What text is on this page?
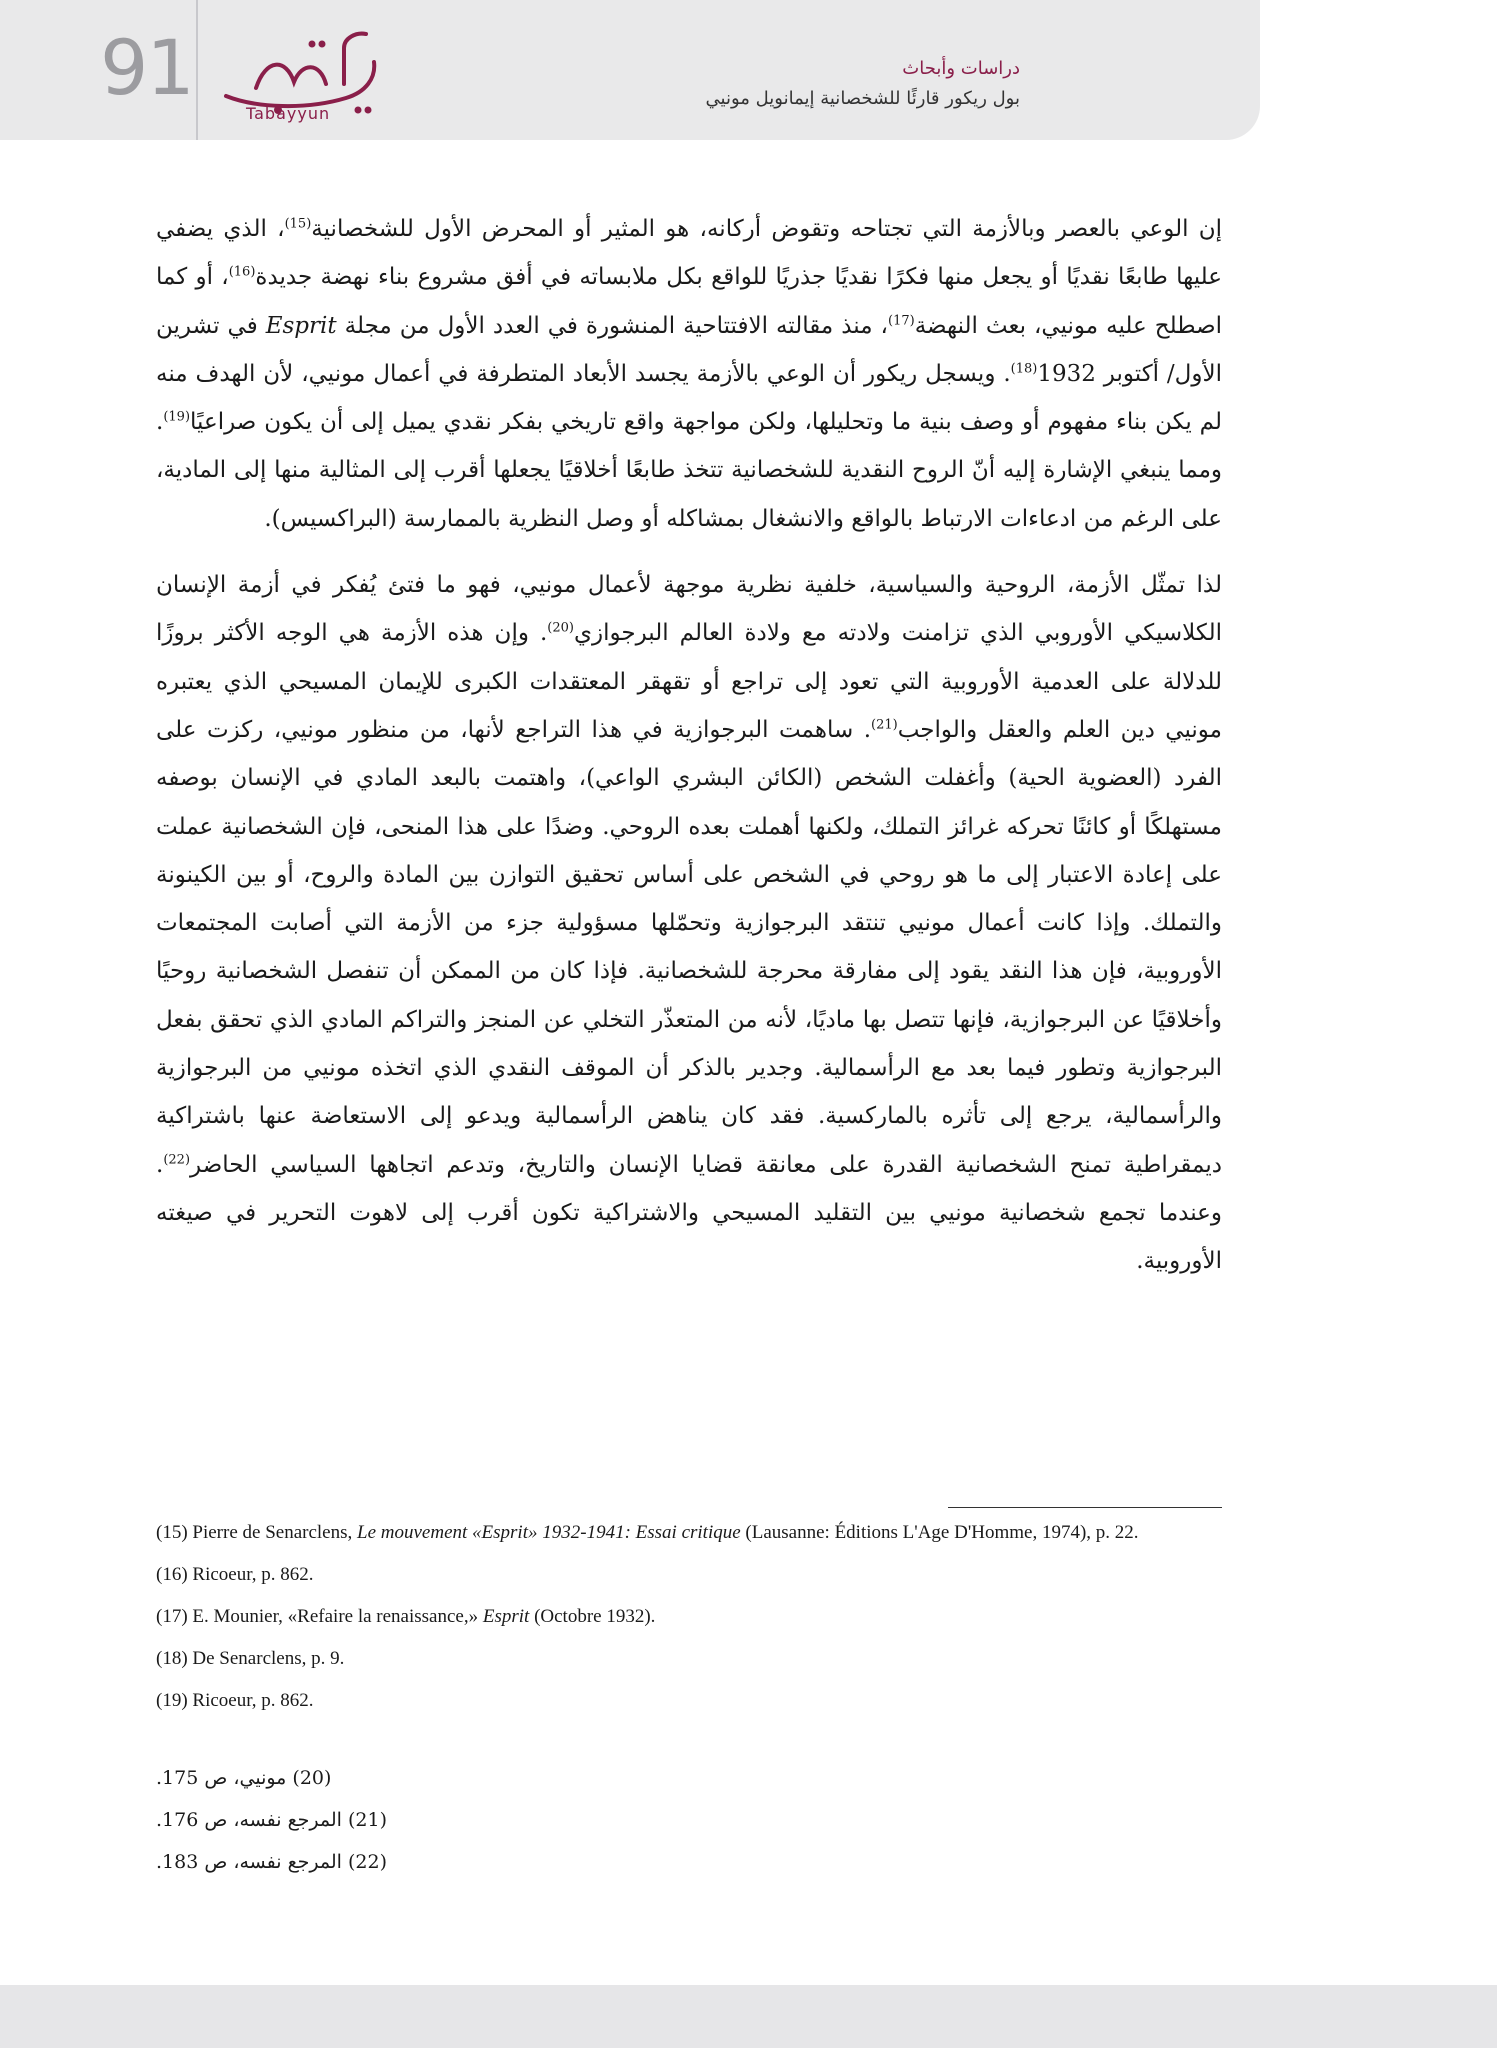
91
Tabayyun
دراسات وأبحاث
بول ريكور قارئًا للشخصانية إيمانويل مونيي

إن الوعي بالعصر وبالأزمة التي تجتاحه وتقوض أركانه، هو المثير أو المحرض الأول للشخصانية$^{(15)}$، الذي يضفي عليها طابعًا نقديًا أو يجعل منها فكرًا نقديًا جذريًا للواقع بكل ملابساته في أفق مشروع بناء نهضة جديدة$^{(16)}$، أو كما اصطلح عليه مونيي، بعث النهضة$^{(17)}$، منذ مقالته الافتتاحية المنشورة في العدد الأول من مجلة Esprit في تشرين الأول/ أكتوبر 1932$^{(18)}$. ويسجل ريكور أن الوعي بالأزمة يجسد الأبعاد المتطرفة في أعمال مونيي، لأن الهدف منه لم يكن بناء مفهوم أو وصف بنية ما وتحليلها، ولكن مواجهة واقع تاريخي بفكر نقدي يميل إلى أن يكون صراعيًا$^{(19)}$. ومما ينبغي الإشارة إليه أنّ الروح النقدية للشخصانية تتخذ طابعًا أخلاقيًا يجعلها أقرب إلى المثالية منها إلى المادية، على الرغم من ادعاءات الارتباط بالواقع والانشغال بمشاكله أو وصل النظرية بالممارسة (البراكسيس).

لذا تمثّل الأزمة، الروحية والسياسية، خلفية نظرية موجهة لأعمال مونيي، فهو ما فتئ يُفكر في أزمة الإنسان الكلاسيكي الأوروبي الذي تزامنت ولادته مع ولادة العالم البرجوازي$^{(20)}$. وإن هذه الأزمة هي الوجه الأكثر بروزًا للدلالة على العدمية الأوروبية التي تعود إلى تراجع أو تقهقر المعتقدات الكبرى للإيمان المسيحي الذي يعتبره مونيي دين العلم والعقل والواجب$^{(21)}$. ساهمت البرجوازية في هذا التراجع لأنها، من منظور مونيي، ركزت على الفرد (العضوية الحية) وأغفلت الشخص (الكائن البشري الواعي)، واهتمت بالبعد المادي في الإنسان بوصفه مستهلكًا أو كائنًا تحركه غرائز التملك، ولكنها أهملت بعده الروحي. وضدًا على هذا المنحى، فإن الشخصانية عملت على إعادة الاعتبار إلى ما هو روحي في الشخص على أساس تحقيق التوازن بين المادة والروح، أو بين الكينونة والتملك. وإذا كانت أعمال مونيي تنتقد البرجوازية وتحمّلها مسؤولية جزء من الأزمة التي أصابت المجتمعات الأوروبية، فإن هذا النقد يقود إلى مفارقة محرجة للشخصانية. فإذا كان من الممكن أن تنفصل الشخصانية روحيًا وأخلاقيًا عن البرجوازية، فإنها تتصل بها ماديًا، لأنه من المتعذّر التخلي عن المنجز والتراكم المادي الذي تحقق بفعل البرجوازية وتطور فيما بعد مع الرأسمالية. وجدير بالذكر أن الموقف النقدي الذي اتخذه مونيي من البرجوازية والرأسمالية، يرجع إلى تأثره بالماركسية. فقد كان يناهض الرأسمالية ويدعو إلى الاستعاضة عنها باشتراكية ديمقراطية تمنح الشخصانية القدرة على معانقة قضايا الإنسان والتاريخ، وتدعم اتجاهها السياسي الحاضر$^{(22)}$. وعندما تجمع شخصانية مونيي بين التقليد المسيحي والاشتراكية تكون أقرب إلى لاهوت التحرير في صيغته الأوروبية.

(15) Pierre de Senarclens, Le mouvement «Esprit» 1932-1941: Essai critique (Lausanne: Éditions L'Age D'Homme, 1974), p. 22.
(16) Ricoeur, p. 862.
(17) E. Mounier, «Refaire la renaissance,» Esprit (Octobre 1932).
(18) De Senarclens, p. 9.
(19) Ricoeur, p. 862.
(20) مونيي، ص 175.
(21) المرجع نفسه، ص 176.
(22) المرجع نفسه، ص 183.
